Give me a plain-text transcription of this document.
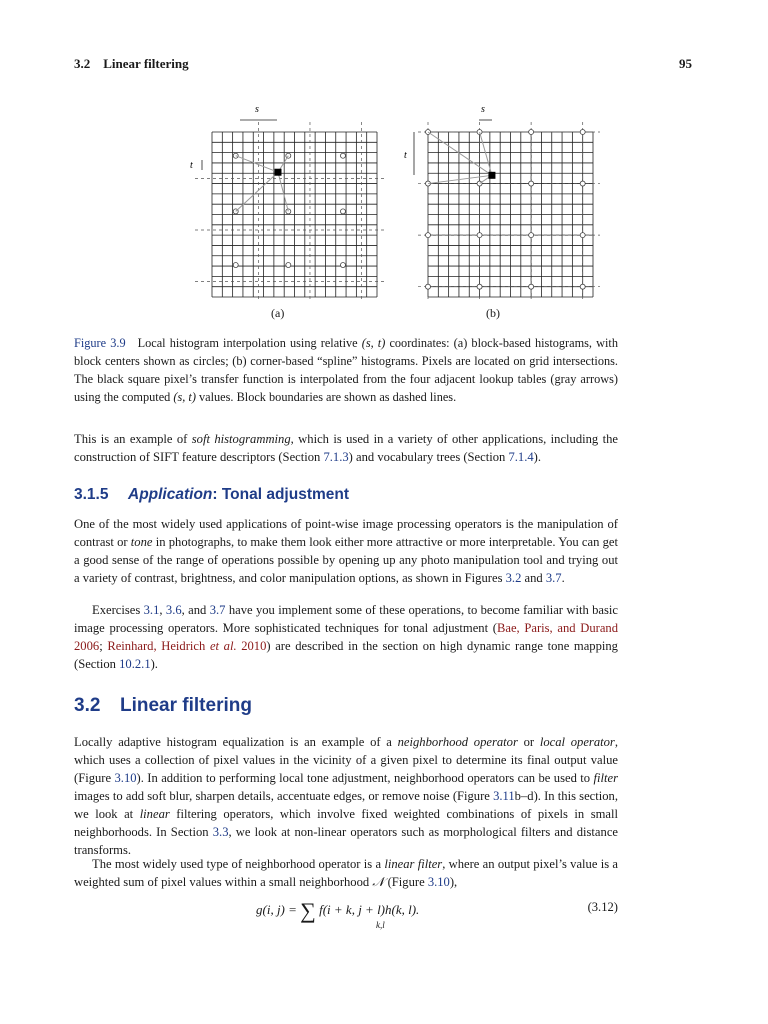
3.2 Linear filtering	95
s
t
s
t
(a)	(b)
Figure 3.9 Local histogram interpolation using relative (s, t) coordinates: (a) block-based histograms, with block centers shown as circles; (b) corner-based “spline” histograms. Pixels are located on grid intersections. The black square pixel’s transfer function is interpolated from the four adjacent lookup tables (gray arrows) using the computed (s, t) values. Block boundaries are shown as dashed lines.
This is an example of soft histogramming, which is used in a variety of other applications, including the construction of SIFT feature descriptors (Section 7.1.3) and vocabulary trees (Section 7.1.4).
3.1.5 Application: Tonal adjustment
One of the most widely used applications of point-wise image processing operators is the manipulation of contrast or tone in photographs, to make them look either more attractive or more interpretable. You can get a good sense of the range of operations possible by opening up any photo manipulation tool and trying out a variety of contrast, brightness, and color manipulation options, as shown in Figures 3.2 and 3.7.
Exercises 3.1, 3.6, and 3.7 have you implement some of these operations, to become familiar with basic image processing operators. More sophisticated techniques for tonal adjustment (Bae, Paris, and Durand 2006; Reinhard, Heidrich et al. 2010) are described in the section on high dynamic range tone mapping (Section 10.2.1).
3.2 Linear filtering
Locally adaptive histogram equalization is an example of a neighborhood operator or local operator, which uses a collection of pixel values in the vicinity of a given pixel to determine its final output value (Figure 3.10). In addition to performing local tone adjustment, neighborhood operators can be used to filter images to add soft blur, sharpen details, accentuate edges, or remove noise (Figure 3.11b–d). In this section, we look at linear filtering operators, which involve fixed weighted combinations of pixels in small neighborhoods. In Section 3.3, we look at non-linear operators such as morphological filters and distance transforms.
The most widely used type of neighborhood operator is a linear filter, where an output pixel’s value is a weighted sum of pixel values within a small neighborhood 𝒩 (Figure 3.10),
g(i, j) = ∑ f(i + k, j + l)h(k, l).
k,l
(3.12)
